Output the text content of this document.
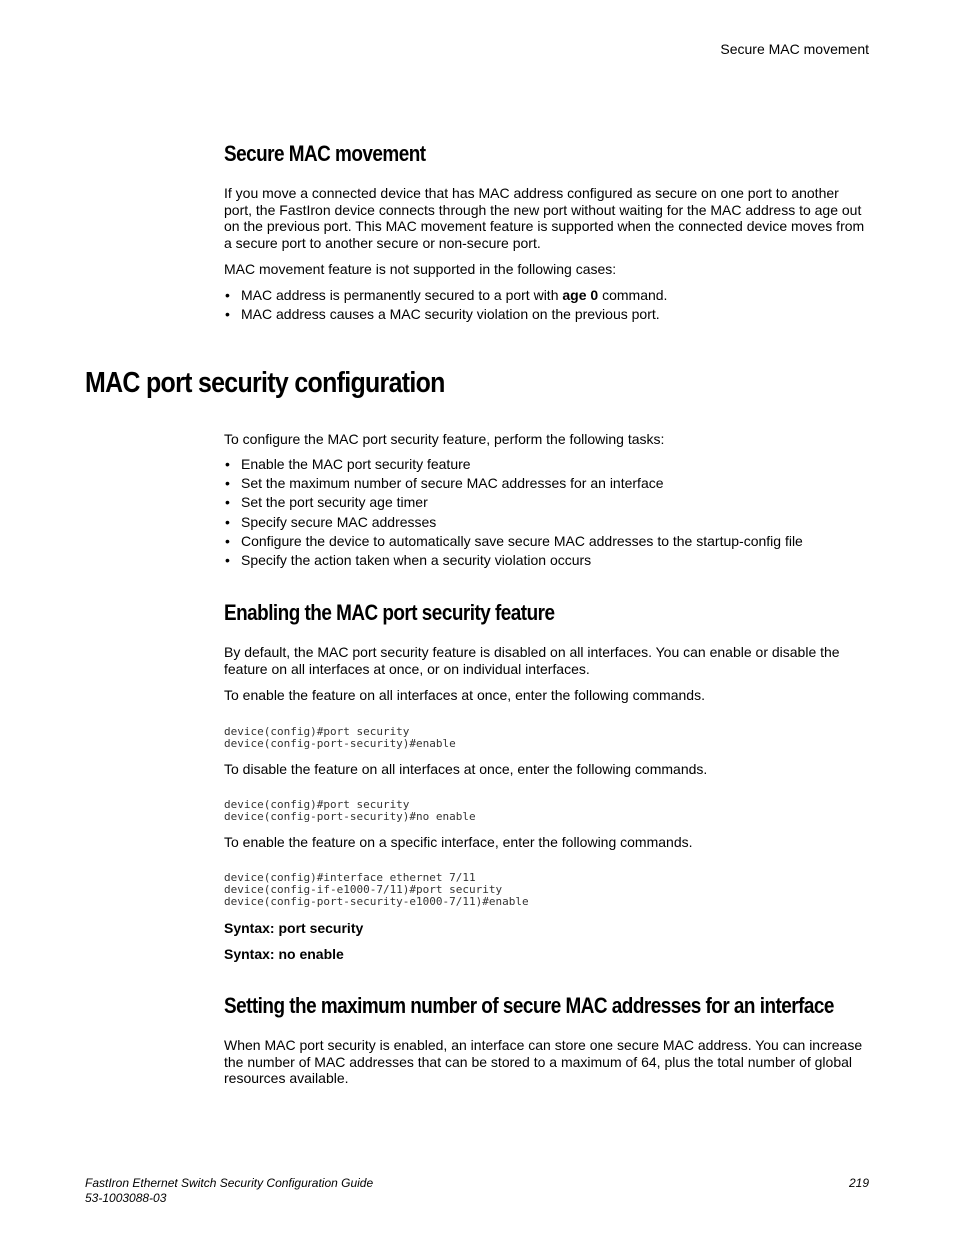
Secure MAC movement
Secure MAC movement

If you move a connected device that has MAC address configured as secure on one port to another port, the FastIron device connects through the new port without waiting for the MAC address to age out on the previous port. This MAC movement feature is supported when the connected device moves from a secure port to another secure or non-secure port.

MAC movement feature is not supported in the following cases:

• MAC address is permanently secured to a port with age 0 command.
• MAC address causes a MAC security violation on the previous port.
MAC port security configuration

To configure the MAC port security feature, perform the following tasks:

• Enable the MAC port security feature
• Set the maximum number of secure MAC addresses for an interface
• Set the port security age timer
• Specify secure MAC addresses
• Configure the device to automatically save secure MAC addresses to the startup-config file
• Specify the action taken when a security violation occurs
Enabling the MAC port security feature

By default, the MAC port security feature is disabled on all interfaces. You can enable or disable the feature on all interfaces at once, or on individual interfaces.

To enable the feature on all interfaces at once, enter the following commands.

device(config)#port security
device(config-port-security)#enable

To disable the feature on all interfaces at once, enter the following commands.

device(config)#port security
device(config-port-security)#no enable

To enable the feature on a specific interface, enter the following commands.

device(config)#interface ethernet 7/11
device(config-if-e1000-7/11)#port security
device(config-port-security-e1000-7/11)#enable
Syntax: port security
Syntax: no enable
Setting the maximum number of secure MAC addresses for an interface

When MAC port security is enabled, an interface can store one secure MAC address. You can increase the number of MAC addresses that can be stored to a maximum of 64, plus the total number of global resources available.

FastIron Ethernet Switch Security Configuration Guide
53-1003088-03
219
